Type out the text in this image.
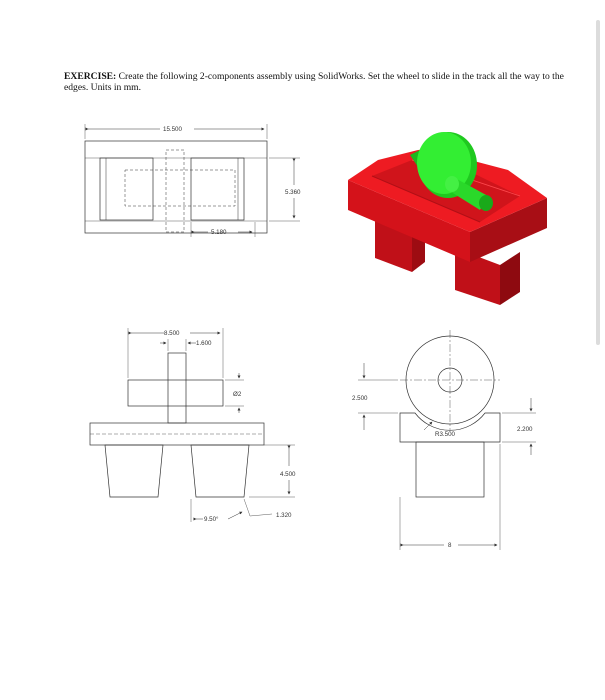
EXERCISE: Create the following 2-components assembly using SolidWorks. Set the wheel to slide in the track all the way to the edges. Units in mm.
15.500
5.360
5.180
8.500
1.600
Ø2
4.500
1.320
9.50°
2.500
2.200
R3.500
8
